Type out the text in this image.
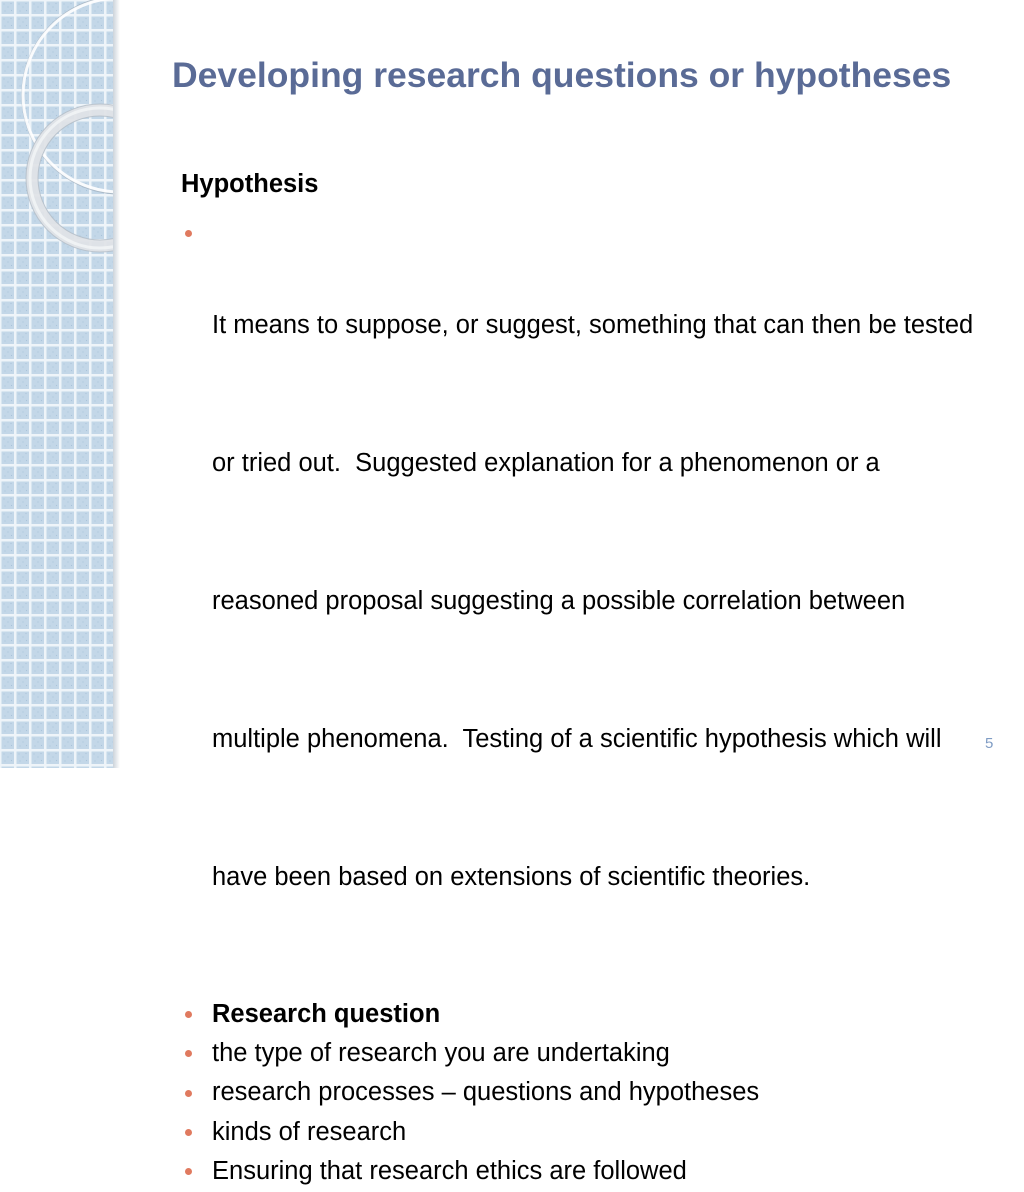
Developing research questions or hypotheses
Hypothesis

It means to suppose, or suggest, something that can then be tested

or tried out.  Suggested explanation for a phenomenon or a

reasoned proposal suggesting a possible correlation between

multiple phenomena.  Testing of a scientific hypothesis which will

have been based on extensions of scientific theories.

Research question
the type of research you are undertaking
research processes – questions and hypotheses
kinds of research
Ensuring that research ethics are followed
5
